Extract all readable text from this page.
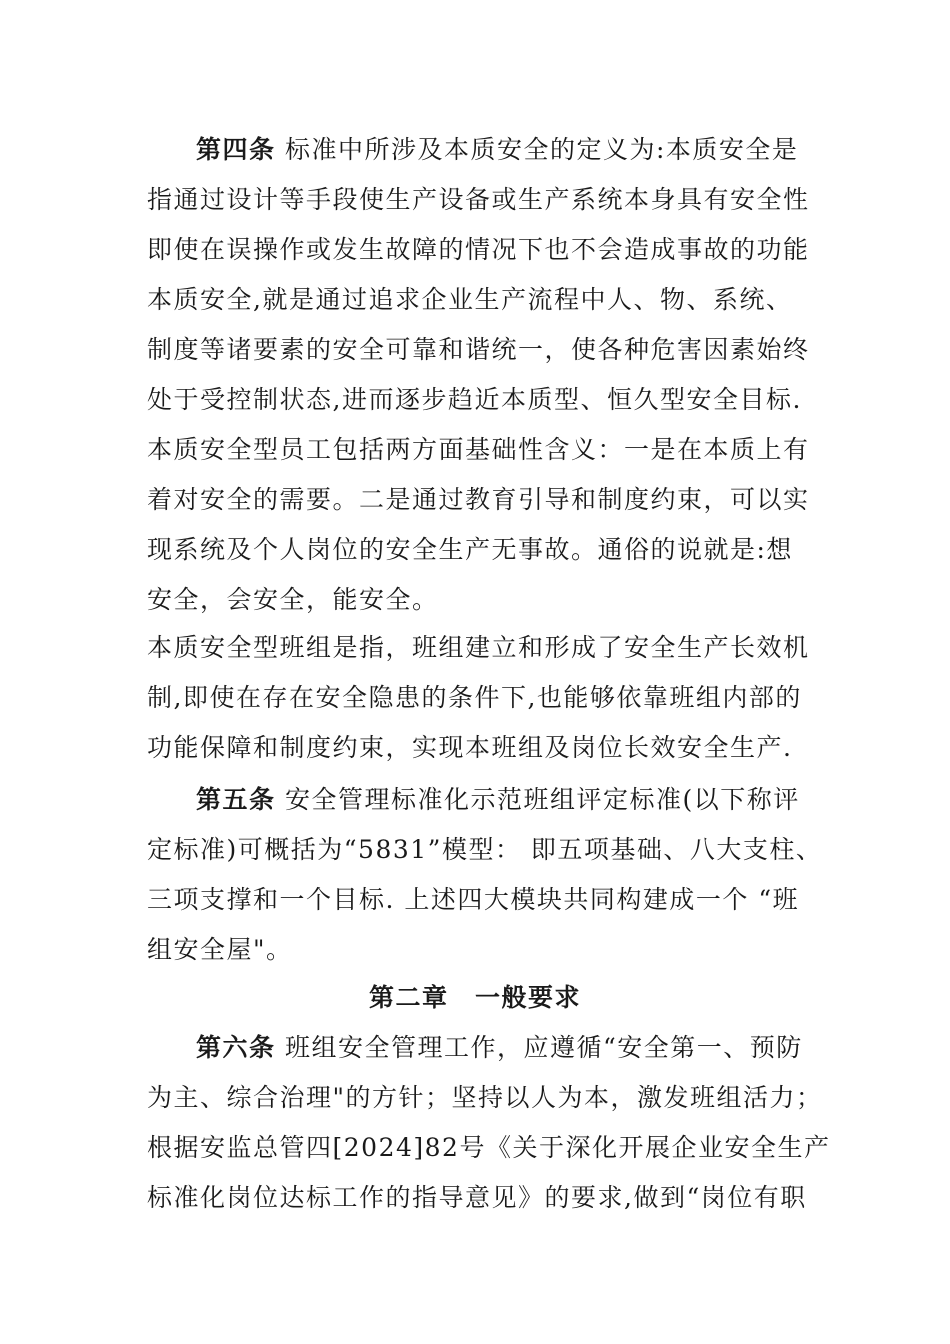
第四条 标准中所涉及本质安全的定义为:本质安全是
指通过设计等手段使生产设备或生产系统本身具有安全性
即使在误操作或发生故障的情况下也不会造成事故的功能
本质安全,就是通过追求企业生产流程中人、物、系统、
制度等诸要素的安全可靠和谐统一，使各种危害因素始终
处于受控制状态,进而逐步趋近本质型、恒久型安全目标.
本质安全型员工包括两方面基础性含义：一是在本质上有
着对安全的需要。二是通过教育引导和制度约束，可以实
现系统及个人岗位的安全生产无事故。通俗的说就是:想
安全，会安全，能安全。
本质安全型班组是指，班组建立和形成了安全生产长效机
制,即使在存在安全隐患的条件下,也能够依靠班组内部的
功能保障和制度约束，实现本班组及岗位长效安全生产.
第五条 安全管理标准化示范班组评定标准(以下称评
定标准)可概括为“5831”模型： 即五项基础、八大支柱、
三项支撑和一个目标. 上述四大模块共同构建成一个 “班
组安全屋"。
第二章　一般要求
第六条 班组安全管理工作，应遵循“安全第一、预防
为主、综合治理"的方针；坚持以人为本，激发班组活力；
根据安监总管四[2024]82号《关于深化开展企业安全生产
标准化岗位达标工作的指导意见》的要求,做到“岗位有职
